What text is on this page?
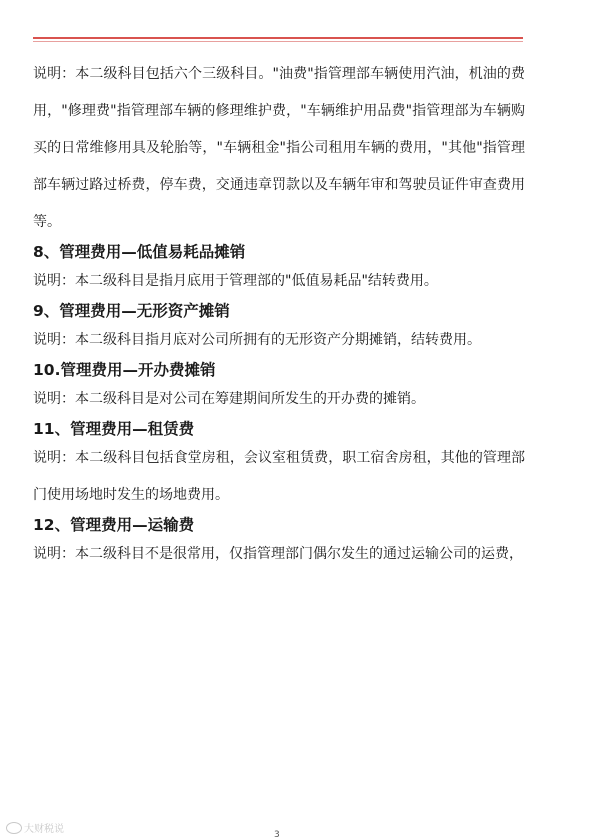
说明：本二级科目包括六个三级科目。"油费"指管理部车辆使用汽油，机油的费用，"修理费"指管理部车辆的修理维护费，"车辆维护用品费"指管理部为车辆购买的日常维修用具及轮胎等，"车辆租金"指公司租用车辆的费用，"其他"指管理部车辆过路过桥费，停车费，交通违章罚款以及车辆年审和驾驶员证件审查费用等。

8、管理费用—低值易耗品摊销

说明：本二级科目是指月底用于管理部的"低值易耗品"结转费用。

9、管理费用—无形资产摊销

说明：本二级科目指月底对公司所拥有的无形资产分期摊销，结转费用。

10.管理费用—开办费摊销

说明：本二级科目是对公司在筹建期间所发生的开办费的摊销。

11、管理费用—租赁费

说明：本二级科目包括食堂房租，会议室租赁费，职工宿舍房租，其他的管理部门使用场地时发生的场地费用。

12、管理费用—运输费

说明：本二级科目不是很常用，仅指管理部门偶尔发生的通过运输公司的运费，

大财税说	3
